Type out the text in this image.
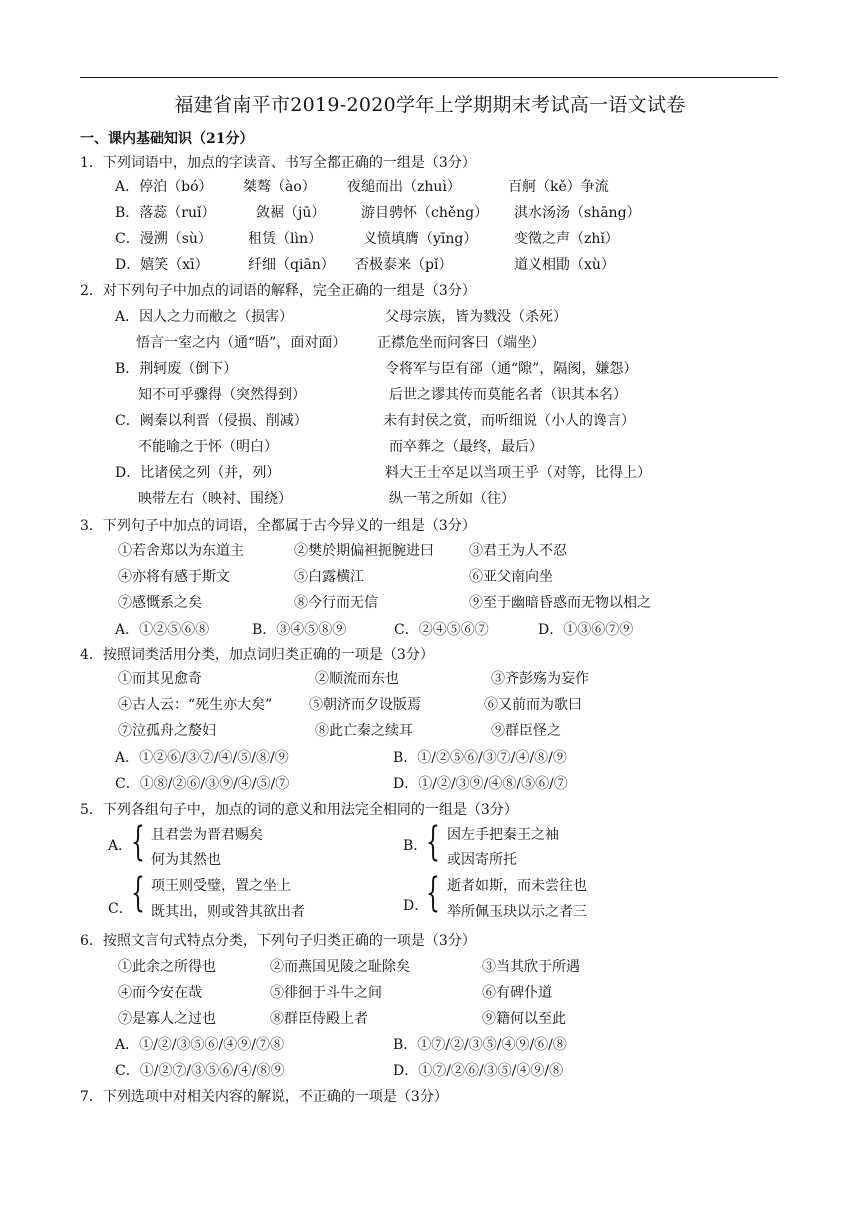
福建省南平市2019-2020学年上学期期末考试高一语文试卷
一、课内基础知识（21分）
1．下列词语中，加点的字读音、书写全都正确的一组是（3分）
A．停泊（bó） 桀骜（ào） 夜缒而出（zhuì）	百舸（kě）争流
B．落蕊（ruǐ）	敛裾（jū）	游目骋怀（chěng） 淇水汤汤（shāng）
C．漫溯（sù）	租赁（lìn）	义愤填膺（yīng）	变徵之声（zhǐ）
D．嬉笑（xī）	纤细（qiān） 否极泰来（pǐ）	道义相勖（xù）
2．对下列句子中加点的词语的解释，完全正确的一组是（3分）
A．因人之力而敝之（损害）	父母宗族，皆为戮没（杀死）
悟言一室之内（通“晤”，面对面） 正襟危坐而问客曰（端坐）
B．荆轲废（倒下）	令将军与臣有郤（通“隙”，隔阂，嫌怨）
知不可乎骤得（突然得到）	后世之谬其传而莫能名者（识其本名）
C．阙秦以利晋（侵损、削减）	未有封侯之赏，而听细说（小人的谗言）
不能喻之于怀（明白）	而卒葬之（最终，最后）
D．比诸侯之列（并，列）	料大王士卒足以当项王乎（对等，比得上）
映带左右（映衬、围绕）	纵一苇之所如（往）
3．下列句子中加点的词语，全都属于古今异义的一组是（3分）
①若舍郑以为东道主	②樊於期偏袒扼腕进曰	③君王为人不忍
④亦将有感于斯文	⑤白露横江	⑥亚父南向坐
⑦感慨系之矣	⑧今行而无信	⑨至于幽暗昏惑而无物以相之
A．①②⑤⑥⑧	B．③④⑤⑧⑨	C．②④⑤⑥⑦	D．①③⑥⑦⑨
4．按照词类活用分类，加点词归类正确的一项是（3分）
①而其见愈奇	②顺流而东也	③齐彭殇为妄作
④古人云：“死生亦大矣”	⑤朝济而夕设版焉	⑥又前而为歌曰
⑦泣孤舟之嫠妇	⑧此亡秦之续耳	⑨群臣怪之
A．①②⑥/③⑦/④/⑤/⑧/⑨	B．①/②⑤⑥/③⑦/④/⑧/⑨
C．①⑧/②⑥/③⑨/④/⑤/⑦	D．①/②/③⑨/④⑧/⑤⑥/⑦
5．下列各组句子中，加点的词的意义和用法完全相同的一组是（3分）
A．
{ 且君尝为晋君赐矣
何为其然也
B．
{ 因左手把秦王之袖
或因寄所托
C．
{ 项王则受璧，置之坐上
既其出，则或咎其欲出者	D．
{ 逝者如斯，而未尝往也
举所佩玉玦以示之者三
6．按照文言句式特点分类，下列句子归类正确的一项是（3分）
①此余之所得也	②而燕国见陵之耻除矣	③当其欣于所遇
④而今安在哉	⑤徘徊于斗牛之间	⑥有碑仆道
⑦是寡人之过也	⑧群臣侍殿上者	⑨籍何以至此
A．①/②/③⑤⑥/④⑨/⑦⑧	B．①⑦/②/③⑤/④⑨/⑥/⑧
C．①/②⑦/③⑤⑥/④/⑧⑨	D．①⑦/②⑥/③⑤/④⑨/⑧
7．下列选项中对相关内容的解说，不正确的一项是（3分）
